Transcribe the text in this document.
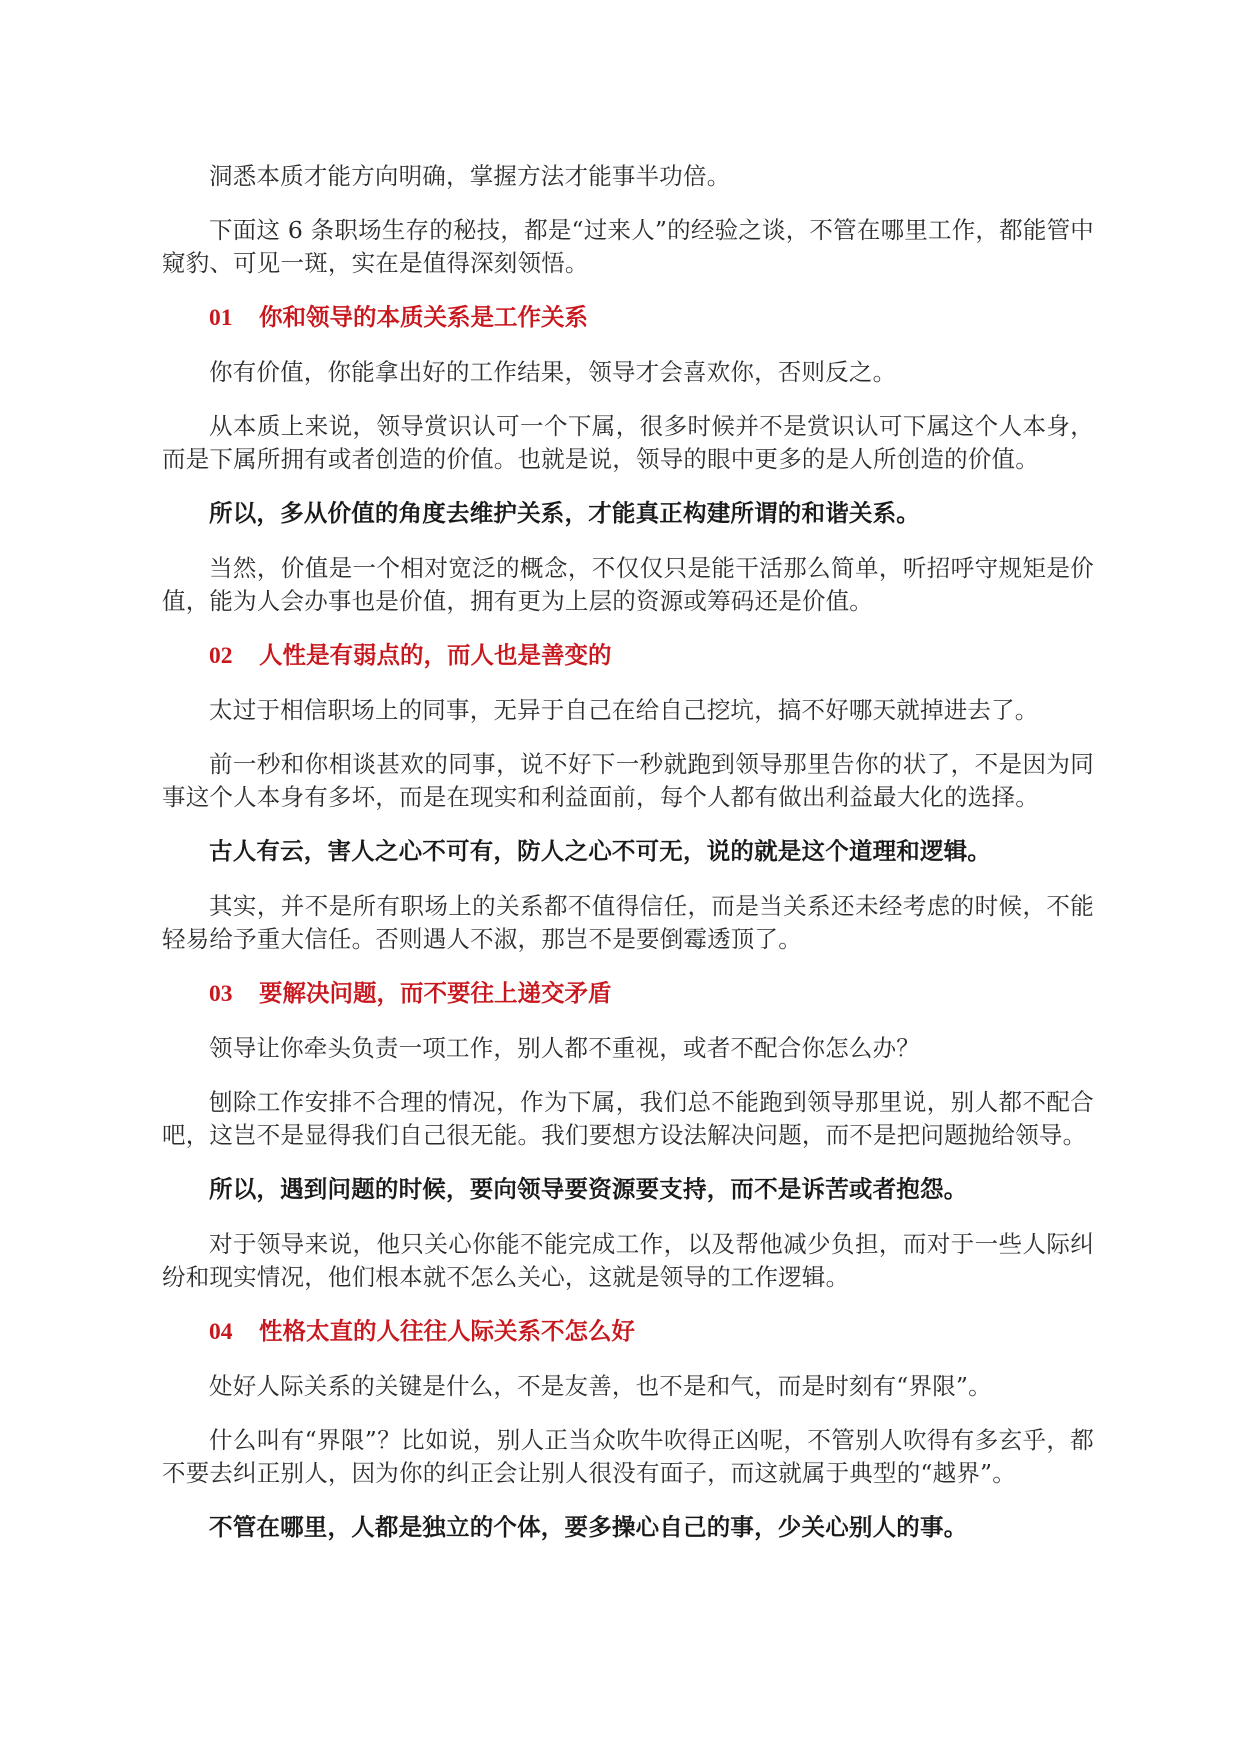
洞悉本质才能方向明确，掌握方法才能事半功倍。

下面这 6 条职场生存的秘技，都是“过来人”的经验之谈，不管在哪里工作，都能管中窥豹、可见一斑，实在是值得深刻领悟。

01 你和领导的本质关系是工作关系

你有价值，你能拿出好的工作结果，领导才会喜欢你，否则反之。

从本质上来说，领导赏识认可一个下属，很多时候并不是赏识认可下属这个人本身，而是下属所拥有或者创造的价值。也就是说，领导的眼中更多的是人所创造的价值。

所以，多从价值的角度去维护关系，才能真正构建所谓的和谐关系。

当然，价值是一个相对宽泛的概念，不仅仅只是能干活那么简单，听招呼守规矩是价值，能为人会办事也是价值，拥有更为上层的资源或筹码还是价值。

02 人性是有弱点的，而人也是善变的

太过于相信职场上的同事，无异于自己在给自己挖坑，搞不好哪天就掉进去了。

前一秒和你相谈甚欢的同事，说不好下一秒就跑到领导那里告你的状了，不是因为同事这个人本身有多坏，而是在现实和利益面前，每个人都有做出利益最大化的选择。

古人有云，害人之心不可有，防人之心不可无，说的就是这个道理和逻辑。

其实，并不是所有职场上的关系都不值得信任，而是当关系还未经考虑的时候，不能轻易给予重大信任。否则遇人不淑，那岂不是要倒霉透顶了。

03 要解决问题，而不要往上递交矛盾

领导让你牵头负责一项工作，别人都不重视，或者不配合你怎么办？

刨除工作安排不合理的情况，作为下属，我们总不能跑到领导那里说，别人都不配合吧，这岂不是显得我们自己很无能。我们要想方设法解决问题，而不是把问题抛给领导。

所以，遇到问题的时候，要向领导要资源要支持，而不是诉苦或者抱怨。

对于领导来说，他只关心你能不能完成工作，以及帮他减少负担，而对于一些人际纠纷和现实情况，他们根本就不怎么关心，这就是领导的工作逻辑。

04 性格太直的人往往人际关系不怎么好

处好人际关系的关键是什么，不是友善，也不是和气，而是时刻有“界限”。

什么叫有“界限”？比如说，别人正当众吹牛吹得正凶呢，不管别人吹得有多玄乎，都不要去纠正别人，因为你的纠正会让别人很没有面子，而这就属于典型的“越界”。

不管在哪里，人都是独立的个体，要多操心自己的事，少关心别人的事。
